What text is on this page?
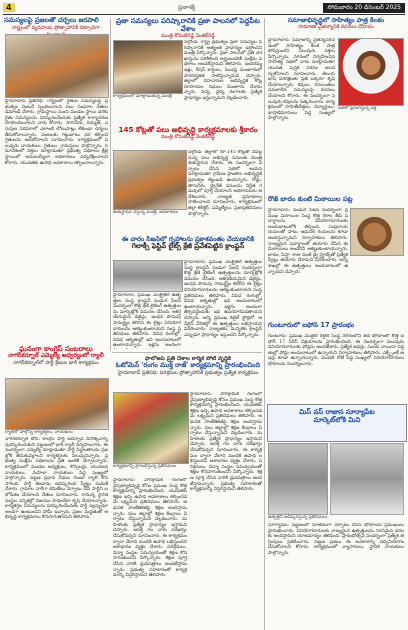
4	ప్రజాశక్తి	సోమవారం 20 డిసెంబర్ 2025
సమస్యలపై ప్రజలతో చర్చలు జరపాలి
రాష్ట్రంలో వ్యవసాయ ప్రోత్సాహానికి దిక్సూచిగా
హైదరాబాద్ ప్రతినిధి: రాష్ట్రంలో రైతుల సమస్యలపై ప్రభుత్వం వెంటనే స్పందించాలని పలు సంఘాల నేతలు డిమాండ్ చేశారు. గ్రామస్థాయి నుంచి మండల స్థాయి వరకు రైతు సమస్యలను పరిష్కరించేందుకు ప్రత్యేక కార్యాచరణ రూపొందించాలని వారు కోరారు. సాగునీరు, విద్యుత్, ఎరువుల సరఫరాలో ఎలాంటి లోటుపాట్లు లేకుండా చర్యలు తీసుకోవాలన్నారు. పంటలకు గిట్టుబాటు ధర కల్పించి రైతులను ఆదుకోవాలని సూచించారు. కార్యక్రమంలో పలువురు నాయకులు, రైతులు, గ్రామస్తులు పాల్గొన్నారు. సమావేశంలో వక్తలు మాట్లాడుతూ ప్రభుత్వ పథకాలు క్షేత్రస్థాయిలో అమలయ్యేలా అధికారులు పర్యవేక్షించాలని కోరారు. యువతకు ఉపాధి అవకాశాలు కల్పించాలన్నారు.
ఘనంగా కాంగ్రెస్ సంబరాలు
నాగర్‌కర్నూల్ ఎమ్మెల్యే ఆధ్వర్యంలో ర్యాలీ
నాగర్‌కర్నూల్‌లో పార్టీ శ్రేణుల భారీ కార్యక్రమం
ర్యాలీలో పాల్గొన్న కార్యకర్తలు, నాయకులు
నాగర్‌కర్నూల్ టౌన్: కాంగ్రెస్ పార్టీ ఆవిర్భావ దినోత్సవాన్ని పురస్కరించుకుని పట్టణంలో భారీ ర్యాలీ నిర్వహించారు. ఈ సందర్భంగా ఎమ్మెల్యే మాట్లాడుతూ పార్టీ సిద్ధాంతాలను ప్రజల్లోకి తీసుకువెళ్లాలని కార్యకర్తలకు పిలుపునిచ్చారు. ప్రభుత్వ సంక్షేమ పథకాలను ప్రతి ఇంటికి చేర్చాలన్నారు. కార్యక్రమంలో మండల అధ్యక్షులు, కౌన్సిలర్లు, యువజన నాయకులు, మహిళా నాయకులు పెద్ద సంఖ్యలో పాల్గొన్నారు. పట్టణ ప్రధాన వీధుల గుండా ర్యాలీ కొనసాగింది. పార్టీ జెండాను ఆవిష్కరించి స్వీట్లు పంపిణీ చేశారు. గ్రామాల వారీగా కమిటీలు ఏర్పాటు చేసి పార్టీని బలోపేతం చేయాలని నేతలు సూచించారు. రానున్న స్థానిక సంస్థల ఎన్నికల్లో విజయం సాధించేలా కృషి చేయాలన్నారు. కార్యకర్తల సమస్యలను పరిష్కరించేందుకు పార్టీ ఎల్లప్పుడూ అండగా ఉంటుందని హామీ ఇచ్చారు. ప్రజల మద్దతుతో అభివృద్ధి కార్యక్రమాలు కొనసాగుతాయని తెలిపారు.
ప్రజా సమస్యలు పరిష్కారానికి ప్రజా పాలనలో పెద్దపీట వేశాం
మంత్రి కోమటిరెడ్డి వెంకట్‌రెడ్డి
కార్యక్రమంలో మాట్లాడుతున్న మంత్రి
నల్గొండ: రాష్ట్ర ప్రభుత్వం ప్రజా సమస్యల పరిష్కారానికి అత్యంత ప్రాధాన్యం ఇస్తోందని మంత్రి పేర్కొన్నారు. ప్రజా పాలనలో ప్రతి దరఖాస్తును పరిశీలించి అర్హులందరికీ సంక్షేమ పథకాలు అందజేస్తామని తెలిపారు. ఇందిరమ్మ ఇళ్లు, రేషన్ కార్డులు, పింఛన్ల మంజూరులో పారదర్శకత పాటిస్తున్నామని చెప్పారు. జిల్లాలో రహదారుల అభివృద్ధికి కోట్ల రూపాయల నిధులు మంజూరు చేశామన్నారు. విద్య, వైద్య రంగాలకు ప్రత్యేక ప్రాధాన్యం ఇస్తున్నామని వెల్లడించారు.
145 కోట్లతో పలు అభివృద్ధి కార్యక్రమాలకు శ్రీకారం
మంత్రి కోమటిరెడ్డి వెంకట్‌రెడ్డి
శంకుస్థాపన చేస్తున్న మంత్రి, అధికారులు
నల్గొండ: జిల్లాలో రూ.145 కోట్లతో చేపట్టనున్న పలు అభివృద్ధి పనులకు మంత్రి శంకుస్థాపన చేశారు. ఈ సందర్భంగా ఏర్పాటు చేసిన సభలో ఆయన మాట్లాడుతూ గ్రామీణ ప్రాంతాల అభివృద్ధికి ప్రభుత్వం కట్టుబడి ఉందన్నారు. రోడ్లు, తాగునీరు, డ్రైనేజీ పనులను నిర్ణీత గడువులో పూర్తి చేయాలని అధికారులను ఆదేశించారు. నాణ్యత ప్రమాణాలు పాటించాలని సూచించారు. కార్యక్రమంలో జిల్లా కలెక్టర్, ఎమ్మెల్యేలు, ప్రజాప్రతినిధులు పాల్గొన్నారు.
ఈ వారం సీజన్‌లో గృహాలను ప్రకాశవంతం చేయడానికి
గెలాక్సీ ఫెస్టివ్ లైట్స్ క్రేజీ ప్రవేశపెట్టిన క్రాంప్టన్
హైదరాబాద్: ప్రముఖ ఎలక్ట్రికల్ ఉత్పత్తుల సంస్థ క్రాంప్టన్ పండుగ సీజన్ సందర్భంగా కొత్త శ్రేణి లైటింగ్ ఉత్పత్తులను మార్కెట్లోకి విడుదల చేసింది. ఆకర్షణీయమైన డిజైన్లు, ఇంధన పొదుపు సామర్థ్యం కలిగిన ఈ లైట్లు వినియోగదారులను ఆకట్టుకుంటాయని సంస్థ ప్రతినిధులు తెలిపారు. వివిధ రంగుల్లో, వివిధ ఆకృతుల్లో ఇవి అందుబాటులో ఉంటాయన్నారు. ఇళ్లను అందంగా
హైదరాబాద్: ప్రముఖ ఎలక్ట్రికల్ ఉత్పత్తుల సంస్థ క్రాంప్టన్ పండుగ సీజన్ సందర్భంగా కొత్త శ్రేణి లైటింగ్ ఉత్పత్తులను మార్కెట్లోకి విడుదల చేసింది. ఆకర్షణీయమైన డిజైన్లు, ఇంధన పొదుపు సామర్థ్యం కలిగిన ఈ లైట్లు వినియోగదారులను ఆకట్టుకుంటాయని సంస్థ ప్రతినిధులు తెలిపారు. వివిధ రంగుల్లో, వివిధ ఆకృతుల్లో ఇవి అందుబాటులో ఉంటాయన్నారు. ఇళ్లను అందంగా తీర్చిదిద్దేందుకు ఇవి ఉపయోగపడతాయని చెప్పారు. అన్ని ప్రముఖ రిటైల్ స్టోర్లలో, ఆన్‌లైన్ వేదికల్లో ఈ ఉత్పత్తులు లభిస్తాయని వివరించారు. నాణ్యతకు, మన్నికకు క్రాంప్టన్ ఎప్పుడూ ప్రాధాన్యం ఇస్తుందని పేర్కొన్నారు.
సమాజాభివృద్ధిలో సాహిత్యం పాత్ర కీలకం
సామాజిక చైతన్యానికి రచనలు దోహదం
సభలో ప్రసంగిస్తున్న వక్త
హైదరాబాద్: సమాజాన్ని చైతన్యపరచడంలో సాహిత్యం కీలక పాత్ర పోషిస్తుందని పలువురు వక్తలు పేర్కొన్నారు. నగరంలో నిర్వహించిన సాహిత్య సభలో వారు మాట్లాడుతూ యువత పుస్తక పఠనం అలవర్చుకోవాలని సూచించారు. తెలుగు భాష పరిరక్షణకు ప్రతి ఒక్కరూ కృషి చేయాలన్నారు. కవులు, రచయితలు సమకాలీన సమస్యలపై రచనలు చేయాలని కోరారు. ఈ సందర్భంగా పలువురు కవులను సత్కరించారు. కార్యక్రమంలో సాహితీవేత్తలు, విద్యార్థులు, భాషాభిమానులు పెద్ద సంఖ్యలో పాల్గొన్నారు.
రోజ్ బాదం కుంటి మిఠాయిల పట్ల
హైదరాబాద్: పండుగ సీజన్ సందర్భంగా ప్రముఖ మిఠాయిల సంస్థ కొత్త రకాల తీపి పదార్థాలను వినియోగదారులకు అందుబాటులోకి తెచ్చింది. సంప్రదాయ రుచులతో పాటు ఆధునిక రుచులను కూడా అందిస్తున్నామని నిర్వాహకులు తెలిపారు. నాణ్యమైన పదార్థాలతో తయారు చేసిన ఈ మిఠాయిలు అందరినీ ఆకట్టుకుంటాయన్నారు. బాదం, పిస్తా, కాజు వంటి డ్రై ఫ్రూట్స్‌తో ప్రత్యేక స్వీట్లు తయారు చేశామని వివరించారు. అన్ని శాఖల్లో ఈ ఉత్పత్తులు అందుబాటులో ఉన్నాయని చెప్పారు.
గుంటూరులో ఐఫోన్ 17 ప్రారంభం
గుంటూరు: ప్రముఖ మొబైల్ రిటైల్ సంస్థ నగరంలోని తన షోరూంలో కొత్త ఐఫోన్ 17 సిరీస్ విక్రయాలను ప్రారంభించింది. ఈ సందర్భంగా పలువురు వినియోగదారులకు ఫోన్లను అందజేశారు. ప్రత్యేక ఆఫర్లు, సులభ వాయిదా పద్ధతుల్లో ఫోన్లు అందుబాటులో ఉన్నాయని నిర్వాహకులు తెలిపారు. ఎక్స్ఛేంజ్ ఆఫర్లు కూడా ఉన్నాయన్నారు. మొదటి రోజే పెద్ద సంఖ్యలో వినియోగదారులు షోరూంను సందర్శించారు.
మిస్ వస్ రాజాన సూర్యాపేట
మార్కెట్‌లోకి మిని
ఉత్పత్తిని ఆవిష్కరిస్తున్న ప్రతినిధులు
సూర్యాపేట: పట్టణంలో నూతనంగా ఏర్పాటు చేసిన షోరూంను ప్రముఖులు ప్రారంభించారు. వినియోగదారులకు నాణ్యమైన ఉత్పత్తులను సరసమైన ధరలకు అందిస్తామని యాజమాన్యం తెలిపింది. ప్రారంభోత్సవ సందర్భంగా ప్రత్యేక తగ్గింపులు ప్రకటించారు. పట్టణ ప్రజలు ఈ అవకాశాన్ని సద్వినియోగం చేసుకోవాలని కోరారు. కార్యక్రమంలో వ్యాపారులు, స్థానిక నాయకులు పాల్గొన్నారు.
ఫాలోఅప్ ప్రతి దేశాల కార్మిక పోటీ వృద్ధికి
ఓటోమెన్ 'రంగం ముక్త్ రాజ్' కార్యక్రమాన్ని ప్రారంభించింది
హైదరాబాద్ ప్రతినిధి: పరిశ్రమల ప్రోత్సాహానికి ప్రభుత్వం ప్రత్యేక కార్యక్రమం
కార్యక్రమాన్ని ప్రారంభిస్తున్న ప్రతినిధులు
హైదరాబాద్: పారిశ్రామిక రంగంలో నైపుణ్యాభివృద్ధి కోసం ప్రముఖ సంస్థ కొత్త కార్యక్రమాన్ని ప్రారంభించింది. యువతకు శిక్షణ ఇచ్చి ఉపాధి అవకాశాలు కల్పించడమే లక్ష్యమని ప్రతినిధులు తెలిపారు. ఆధునిక సాంకేతికతపై శిక్షణ అందిస్తామన్నారు. పలు జిల్లాల్లో శిక్షణ కేంద్రాలు ఏర్పాటు చేస్తున్నామని వెల్లడించారు. మహిళలకు ప్రత్యేక ప్రాధాన్యం ఇస్తామని చెప్పారు. ఆసక్తి గల వారు దరఖాస్తు చేసుకోవచ్చని సూచించారు. ఈ కార్యక్రమం ద్వారా వేలాది మందికి ఉపాధి లభిస్తుందని ఆశాభావం వ్యక్తం చేశారు. పరిశ్రమలు, విద్యా సంస్థల సమన్వయంతో శిక్షణ కొనసాగుతుందని పేర్కొన్నారు. శిక్షణ పూర్తి చేసిన వారికి ధ్రువపత్రాలు అందజేస్తామన్నారు. ప్రభుత్వ సహకారంతో కార్యక్రమాన్ని విస్తరిస్తామని తెలిపారు.
హైదరాబాద్: పారిశ్రామిక రంగంలో నైపుణ్యాభివృద్ధి కోసం ప్రముఖ సంస్థ కొత్త కార్యక్రమాన్ని ప్రారంభించింది. యువతకు శిక్షణ ఇచ్చి ఉపాధి అవకాశాలు కల్పించడమే లక్ష్యమని ప్రతినిధులు తెలిపారు. ఆధునిక సాంకేతికతపై శిక్షణ అందిస్తామన్నారు. పలు జిల్లాల్లో శిక్షణ కేంద్రాలు ఏర్పాటు చేస్తున్నామని వెల్లడించారు. మహిళలకు ప్రత్యేక ప్రాధాన్యం ఇస్తామని చెప్పారు. ఆసక్తి గల వారు దరఖాస్తు చేసుకోవచ్చని సూచించారు. ఈ కార్యక్రమం ద్వారా వేలాది మందికి ఉపాధి లభిస్తుందని ఆశాభావం వ్యక్తం చేశారు. పరిశ్రమలు, విద్యా సంస్థల సమన్వయంతో శిక్షణ కొనసాగుతుందని పేర్కొన్నారు. శిక్షణ పూర్తి చేసిన వారికి ధ్రువపత్రాలు అందజేస్తామన్నారు. ప్రభుత్వ సహకారంతో కార్యక్రమాన్ని విస్తరిస్తామని తెలిపారు.
